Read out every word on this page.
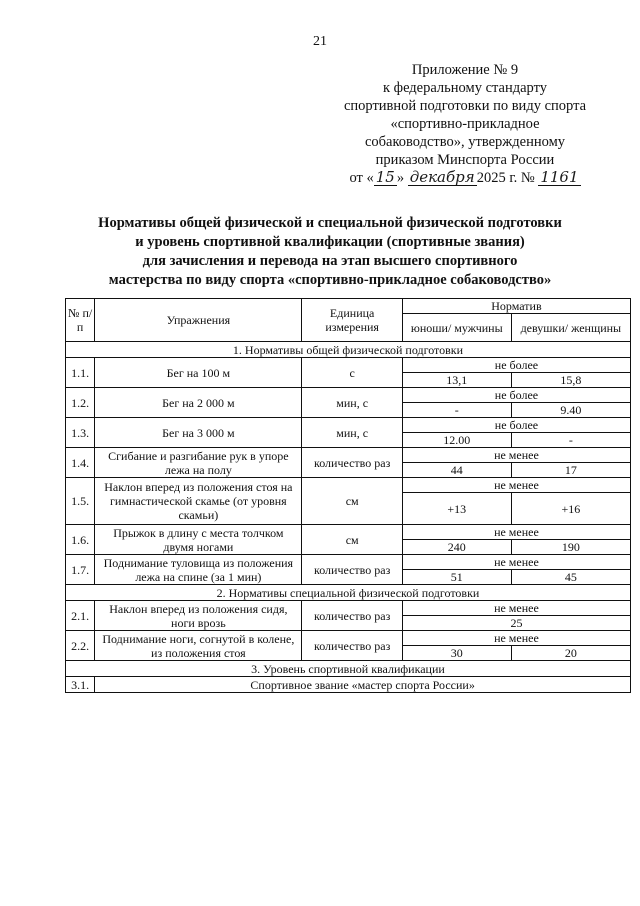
21
Приложение № 9
к федеральному стандарту
спортивной подготовки по виду спорта
«спортивно-прикладное
собаководство», утвержденному
приказом Минспорта России
от « 15 » декабря 2025 г. № 1161
Нормативы общей физической и специальной физической подготовки
и уровень спортивной квалификации (спортивные звания)
для зачисления и перевода на этап высшего спортивного
мастерства по виду спорта «спортивно-прикладное собаководство»
№ п/п	Упражнения	Единица измерения	Норматив	
			юноши/ мужчины	девушки/ женщины
1. Нормативы общей физической подготовки				
1.1.	Бег на 100 м	с	не более	
			13,1	15,8
1.2.	Бег на 2 000 м	мин, с	не более	
			-	9.40
1.3.	Бег на 3 000 м	мин, с	не более	
			12.00	-
1.4.	Сгибание и разгибание рук в упоре лежа на полу	количество раз	не менее	
			44	17
1.5.	Наклон вперед из положения стоя на гимнастической скамье (от уровня скамьи)	см	не менее	
			+13	+16
1.6.	Прыжок в длину с места толчком двумя ногами	см	не менее	
			240	190
1.7.	Поднимание туловища из положения лежа на спине (за 1 мин)	количество раз	не менее	
			51	45
2. Нормативы специальной физической подготовки				
2.1.	Наклон вперед из положения сидя, ноги врозь	количество раз	не менее	
			25	
2.2.	Поднимание ноги, согнутой в колене, из положения стоя	количество раз	не менее	
			30	20
3. Уровень спортивной квалификации				
3.1.	Спортивное звание «мастер спорта России»			
